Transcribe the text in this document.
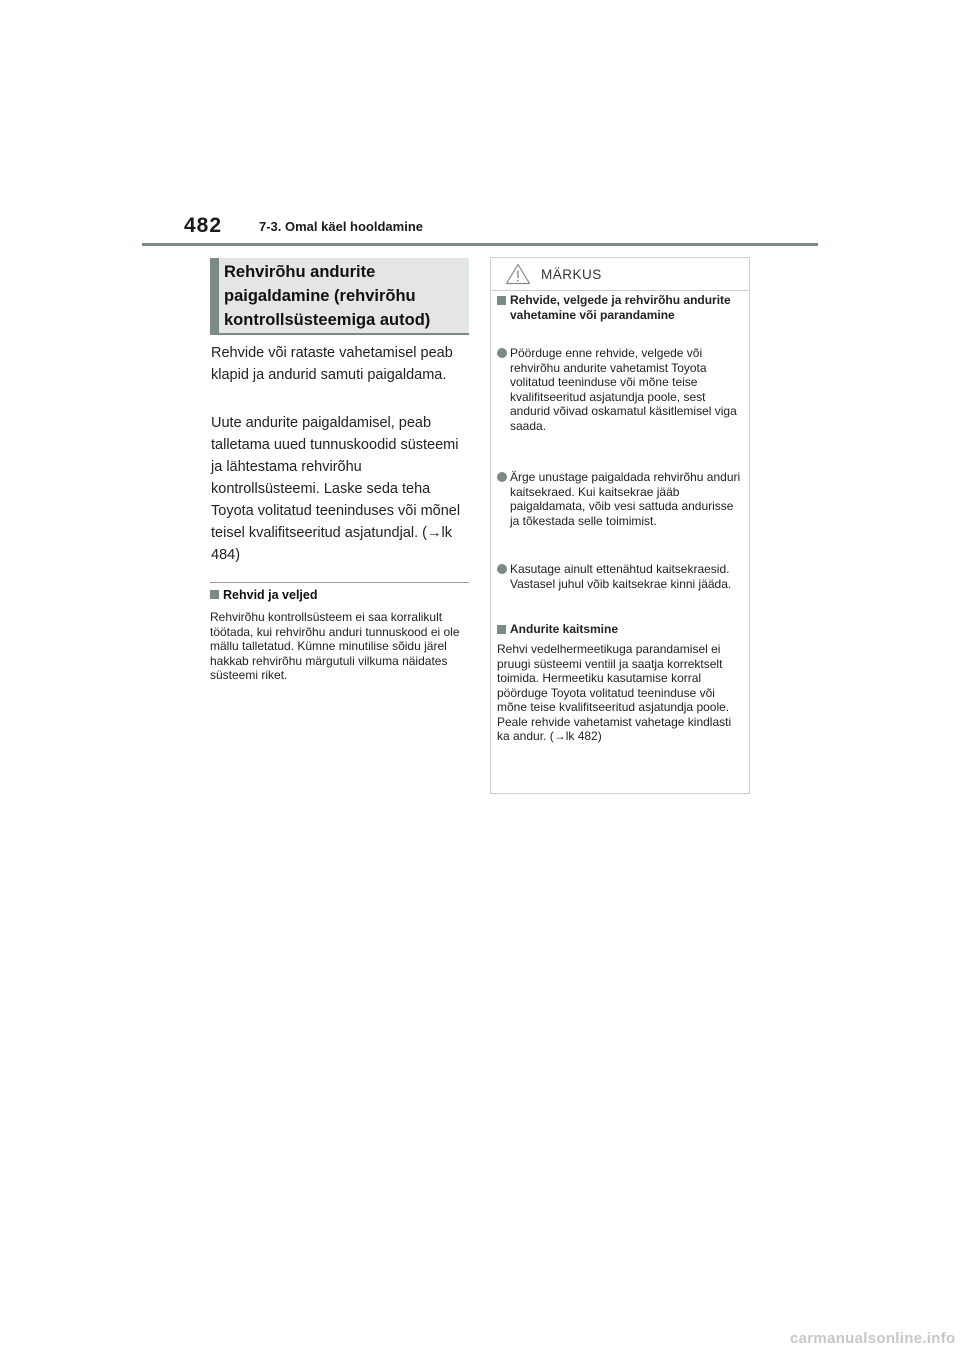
482	7-3. Omal käel hooldamine
Rehvirõhu andurite
paigaldamine (rehvirõhu
kontrollsüsteemiga autod)

Rehvide või rataste vahetamisel peab klapid ja andurid samuti paigaldama.

Uute andurite paigaldamisel, peab talletama uued tunnuskoodid süsteemi ja lähtestama rehvirõhu kontrollsüsteemi. Laske seda teha Toyota volitatud teeninduses või mõnel teisel kvalifitseeritud asjatundjal. (→lk 484)

Rehvid ja veljed

Rehvirõhu kontrollsüsteem ei saa korralikult töötada, kui rehvirõhu anduri tunnuskood ei ole mällu talletatud. Kümne minutilise sõidu järel hakkab rehvirõhu märgutuli vilkuma näidates süsteemi riket.

MÄRKUS
Rehvide, velgede ja rehvirõhu andurite vahetamine või parandamine
Pöörduge enne rehvide, velgede või rehvirõhu andurite vahetamist Toyota volitatud teeninduse või mõne teise kvalifitseeritud asjatundja poole, sest andurid võivad oskamatul käsitlemisel viga saada.
Ärge unustage paigaldada rehvirõhu anduri kaitsekraed. Kui kaitsekrae jääb paigaldamata, võib vesi sattuda andurisse ja tõkestada selle toimimist.
Kasutage ainult ettenähtud kaitsekraesid. Vastasel juhul võib kaitsekrae kinni jääda.
Andurite kaitsmine

Rehvi vedelhermeetikuga parandamisel ei pruugi süsteemi ventiil ja saatja korrektselt toimida. Hermeetiku kasutamise korral pöörduge Toyota volitatud teeninduse või mõne teise kvalifitseeritud asjatundja poole. Peale rehvide vahetamist vahetage kindlasti ka andur. (→lk 482)

carmanualsonline.info
